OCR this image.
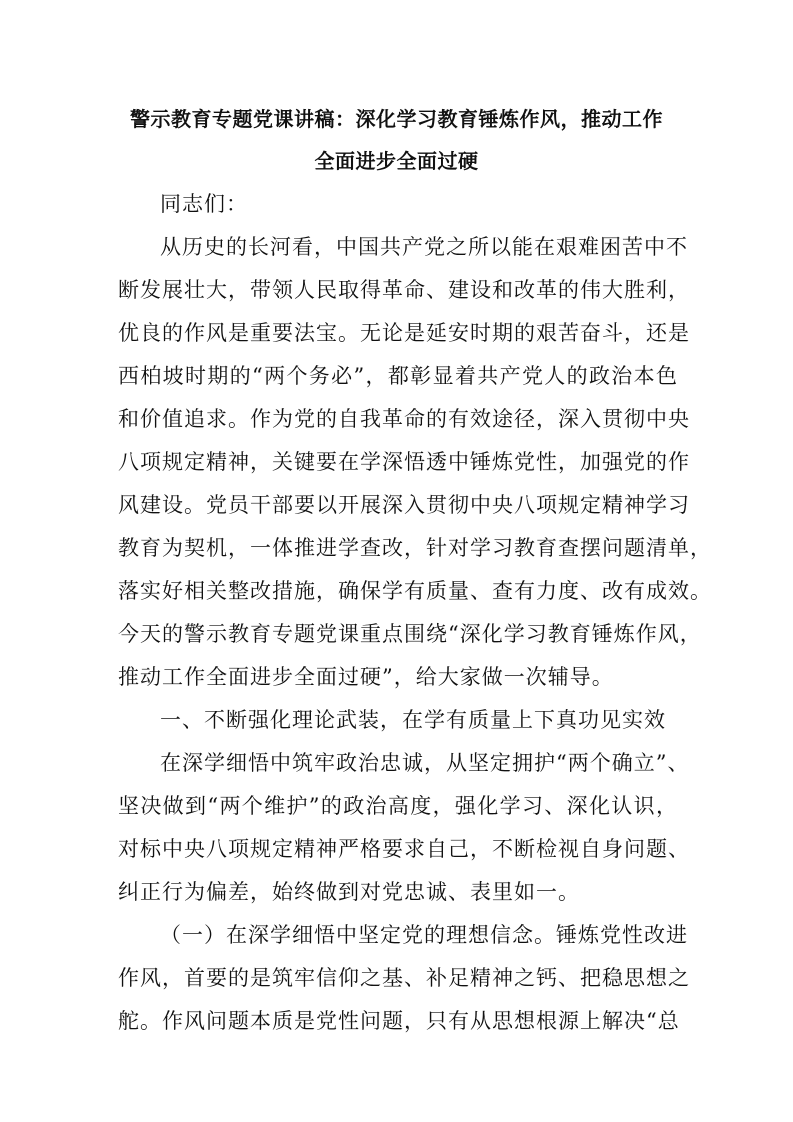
警示教育专题党课讲稿：深化学习教育锤炼作风，推动工作
全面进步全面过硬
同志们：
从历史的长河看，中国共产党之所以能在艰难困苦中不
断发展壮大，带领人民取得革命、建设和改革的伟大胜利，
优良的作风是重要法宝。无论是延安时期的艰苦奋斗，还是
西柏坡时期的“两个务必”，都彰显着共产党人的政治本色
和价值追求。作为党的自我革命的有效途径，深入贯彻中央
八项规定精神，关键要在学深悟透中锤炼党性，加强党的作
风建设。党员干部要以开展深入贯彻中央八项规定精神学习
教育为契机，一体推进学查改，针对学习教育查摆问题清单，
落实好相关整改措施，确保学有质量、查有力度、改有成效。
今天的警示教育专题党课重点围绕“深化学习教育锤炼作风，
推动工作全面进步全面过硬”，给大家做一次辅导。
一、不断强化理论武装，在学有质量上下真功见实效
在深学细悟中筑牢政治忠诚，从坚定拥护“两个确立”、
坚决做到“两个维护”的政治高度，强化学习、深化认识，
对标中央八项规定精神严格要求自己，不断检视自身问题、
纠正行为偏差，始终做到对党忠诚、表里如一。
（一）在深学细悟中坚定党的理想信念。锤炼党性改进
作风，首要的是筑牢信仰之基、补足精神之钙、把稳思想之
舵。作风问题本质是党性问题，只有从思想根源上解决“总
